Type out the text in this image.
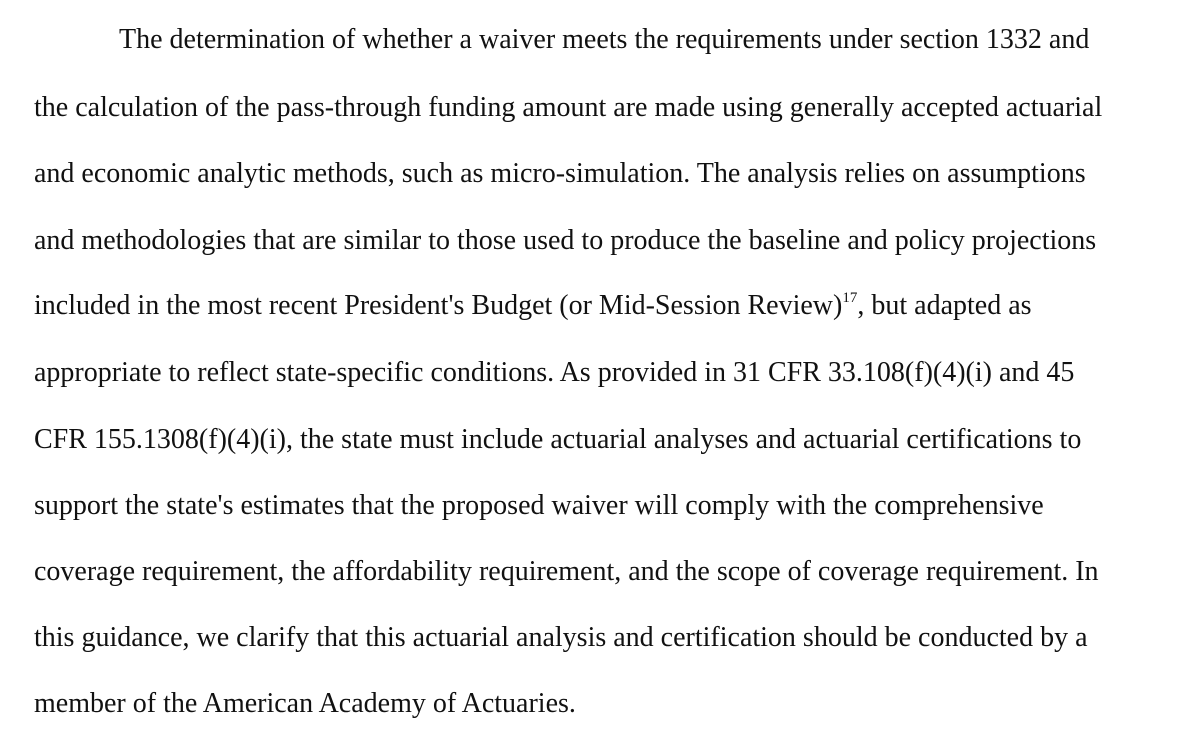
The determination of whether a waiver meets the requirements under section 1332 and
the calculation of the pass-through funding amount are made using generally accepted actuarial
and economic analytic methods, such as micro-simulation. The analysis relies on assumptions
and methodologies that are similar to those used to produce the baseline and policy projections
included in the most recent President's Budget (or Mid-Session Review)$^{17}$, but adapted as
appropriate to reflect state-specific conditions. As provided in 31 CFR 33.108(f)(4)(i) and 45
CFR 155.1308(f)(4)(i), the state must include actuarial analyses and actuarial certifications to
support the state's estimates that the proposed waiver will comply with the comprehensive
coverage requirement, the affordability requirement, and the scope of coverage requirement. In
this guidance, we clarify that this actuarial analysis and certification should be conducted by a
member of the American Academy of Actuaries.
